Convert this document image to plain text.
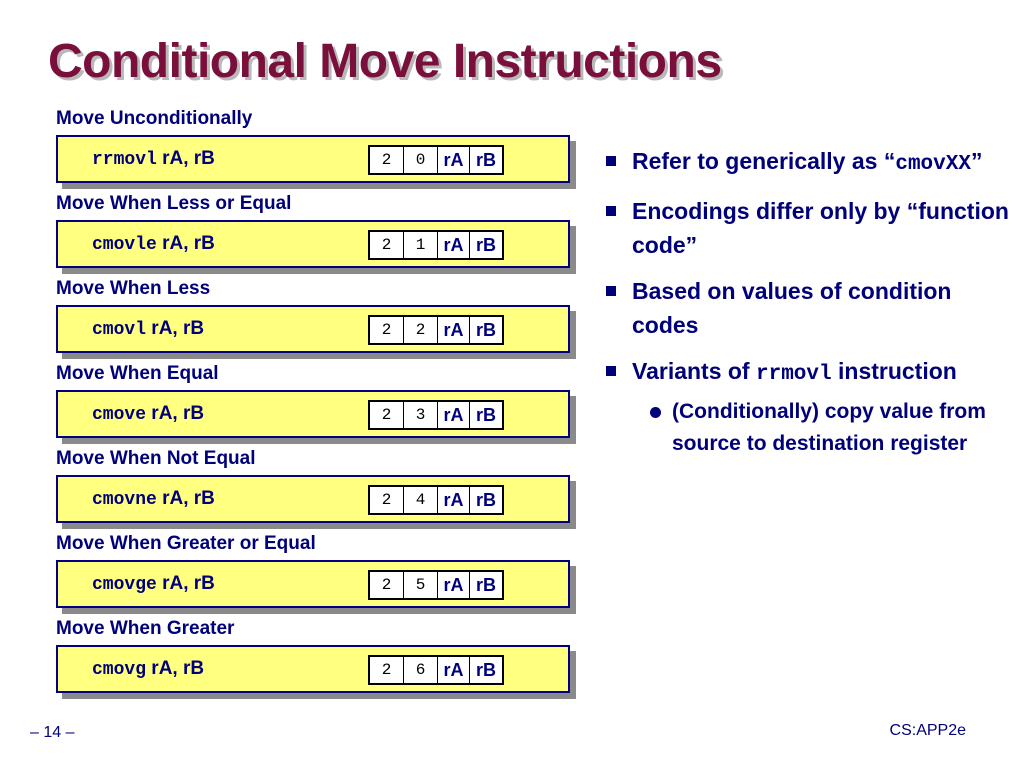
Conditional Move Instructions
Move Unconditionally
rrmovl rA, rB	2	0	rA rB
Move When Less or Equal
cmovle rA, rB	2	1	rA rB
Move When Less
cmovl rA, rB	2	2	rA rB
Move When Equal
cmove rA, rB	2	3	rA rB
Move When Not Equal
cmovne rA, rB	2	4	rA rB
Move When Greater or Equal
cmovge rA, rB	2	5	rA rB
Move When Greater
cmovg rA, rB	2	6	rA rB
Refer to generically as “cmovXX”
Encodings differ only by “function code”
Based on values of condition codes
Variants of rrmovl instruction
(Conditionally) copy value from source to destination register
– 14 –	CS:APP2e
